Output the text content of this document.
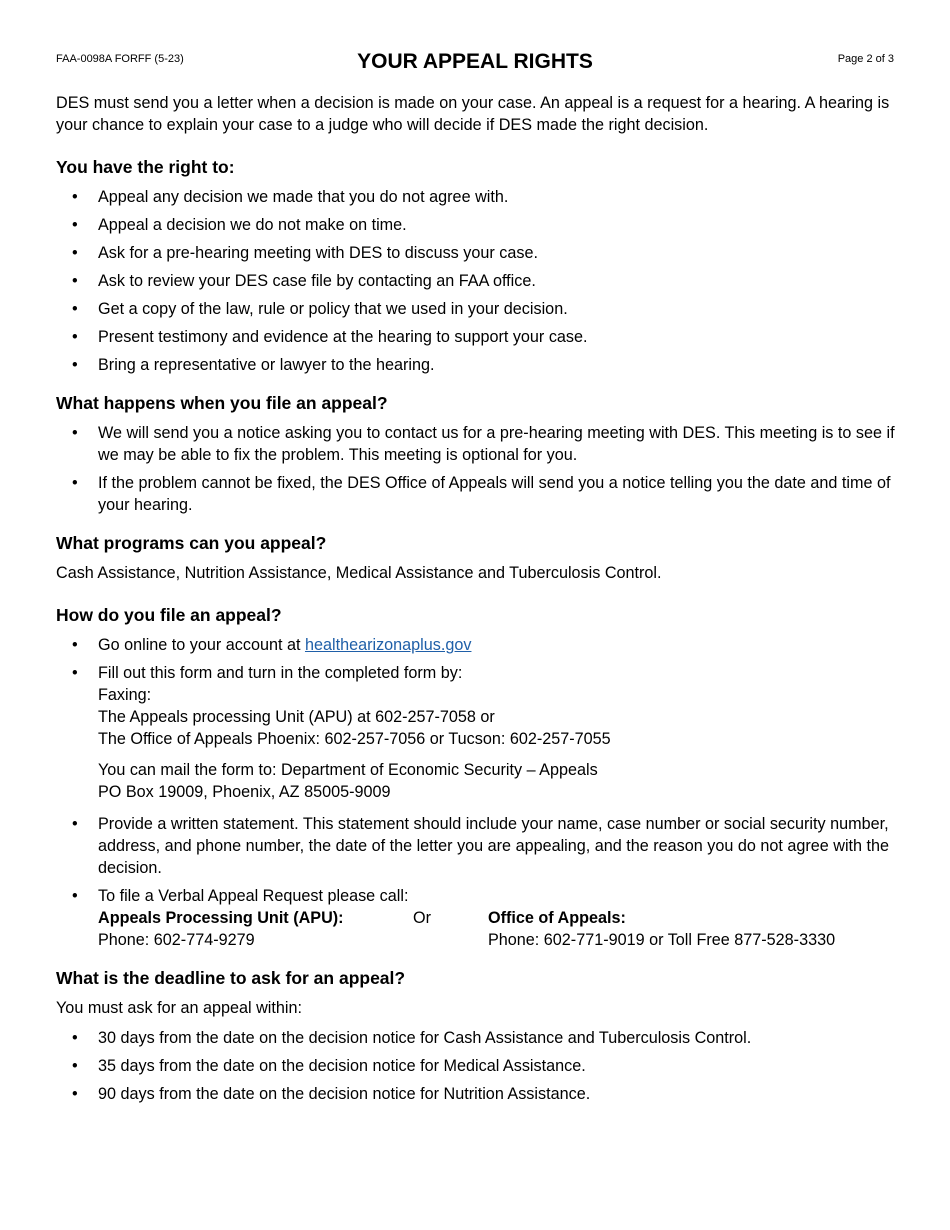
FAA-0098A FORFF (5-23)	YOUR APPEAL RIGHTS	Page 2 of 3

DES must send you a letter when a decision is made on your case. An appeal is a request for a hearing. A hearing is your chance to explain your case to a judge who will decide if DES made the right decision.

You have the right to:
• Appeal any decision we made that you do not agree with.
• Appeal a decision we do not make on time.
• Ask for a pre-hearing meeting with DES to discuss your case.
• Ask to review your DES case file by contacting an FAA office.
• Get a copy of the law, rule or policy that we used in your decision.
• Present testimony and evidence at the hearing to support your case.
• Bring a representative or lawyer to the hearing.
What happens when you file an appeal?
• We will send you a notice asking you to contact us for a pre-hearing meeting with DES. This meeting is to see if we may be able to fix the problem. This meeting is optional for you.
• If the problem cannot be fixed, the DES Office of Appeals will send you a notice telling you the date and time of your hearing.
What programs can you appeal?

Cash Assistance, Nutrition Assistance, Medical Assistance and Tuberculosis Control.

How do you file an appeal?
• Go online to your account at healthearizonaplus.gov
• Fill out this form and turn in the completed form by:
Faxing:
The Appeals processing Unit (APU) at 602-257-7058 or
The Office of Appeals Phoenix: 602-257-7056 or Tucson: 602-257-7055
You can mail the form to: Department of Economic Security – Appeals
PO Box 19009, Phoenix, AZ 85005-9009
• Provide a written statement. This statement should include your name, case number or social security number, address, and phone number, the date of the letter you are appealing, and the reason you do not agree with the decision.
• To file a Verbal Appeal Request please call:
Appeals Processing Unit (APU):	Or	Office of Appeals:
Phone: 602-774-9279	Phone: 602-771-9019 or Toll Free 877-528-3330
What is the deadline to ask for an appeal?

You must ask for an appeal within:

• 30 days from the date on the decision notice for Cash Assistance and Tuberculosis Control.
• 35 days from the date on the decision notice for Medical Assistance.
• 90 days from the date on the decision notice for Nutrition Assistance.
